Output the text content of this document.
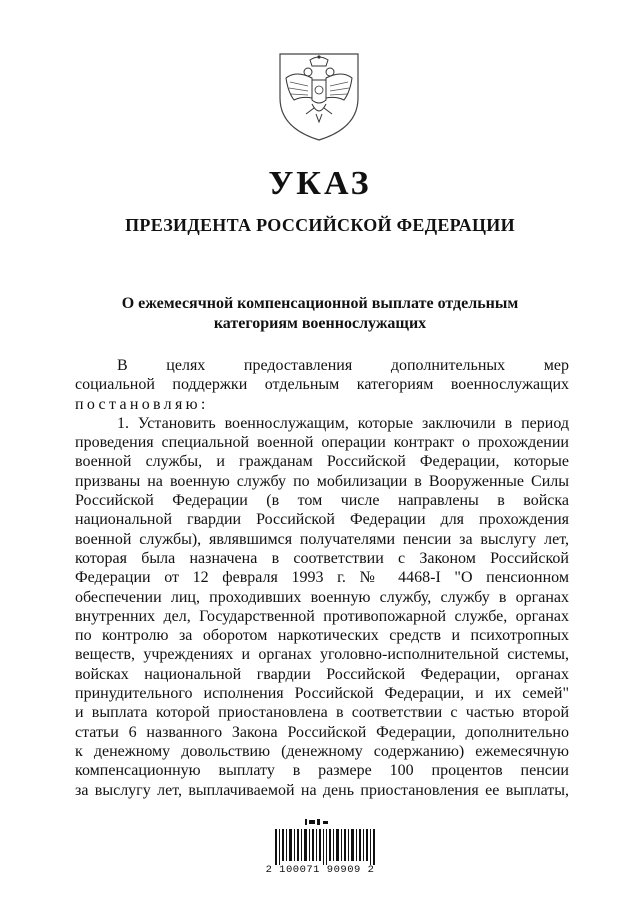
УКАЗ
ПРЕЗИДЕНТА РОССИЙСКОЙ ФЕДЕРАЦИИ
О ежемесячной компенсационной выплате отдельным
категориям военнослужащих
В целях предоставления дополнительных мер
социальной поддержки отдельным категориям военнослужащих
постановляю:
1. Установить военнослужащим, которые заключили в период
проведения специальной военной операции контракт о прохождении
военной службы, и гражданам Российской Федерации, которые
призваны на военную службу по мобилизации в Вооруженные Силы
Российской Федерации (в том числе направлены в войска
национальной гвардии Российской Федерации для прохождения
военной службы), являвшимся получателями пенсии за выслугу лет,
которая была назначена в соответствии с Законом Российской
Федерации от 12 февраля 1993 г. № 4468-I "О пенсионном
обеспечении лиц, проходивших военную службу, службу в органах
внутренних дел, Государственной противопожарной службе, органах
по контролю за оборотом наркотических средств и психотропных
веществ, учреждениях и органах уголовно-исполнительной системы,
войсках национальной гвардии Российской Федерации, органах
принудительного исполнения Российской Федерации, и их семей"
и выплата которой приостановлена в соответствии с частью второй
статьи 6 названного Закона Российской Федерации, дополнительно
к денежному довольствию (денежному содержанию) ежемесячную
компенсационную выплату в размере 100 процентов пенсии
за выслугу лет, выплачиваемой на день приостановления ее выплаты,
2 100071 90909 2
